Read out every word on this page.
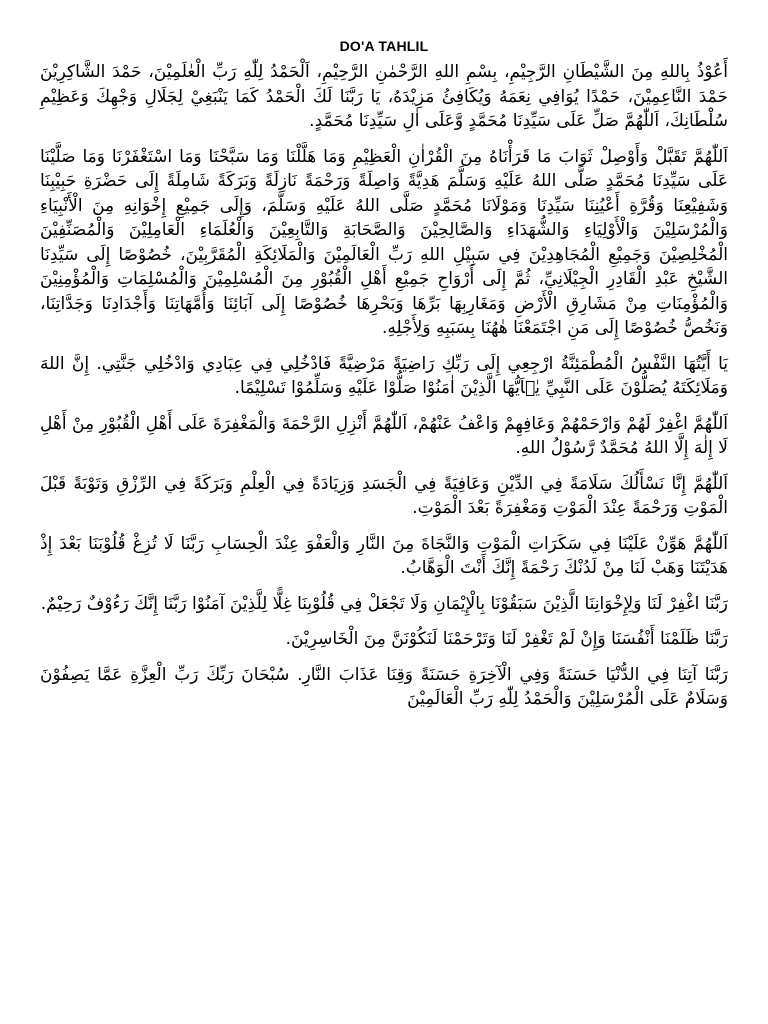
DO'A TAHLIL

أَعُوْذُ بِاللهِ مِنَ الشَّيْطَانِ الرَّجِيْمِ، بِسْمِ اللهِ الرَّحْمٰنِ الرَّحِيْمِ، اَلْحَمْدُ لِلّٰهِ رَبِّ الْعٰلَمِيْنَ، حَمْدَ الشَّاكِرِيْنَ حَمْدَ النَّاعِمِيْنَ، حَمْدًا يُوَافِي نِعَمَهُ وَيُكَافِئُ مَزِيْدَهُ، يَا رَبَّنَا لَكَ الْحَمْدُ كَمَا يَنْبَغِيْ لِجَلَالِ وَجْهِكَ وَعَظِيْمِ سُلْطَانِكَ، اَللّٰهُمَّ صَلِّ عَلَى سَيِّدِنَا مُحَمَّدٍ وَّعَلَى اٰلِ سَيِّدِنَا مُحَمَّدٍ.

اَللّٰهُمَّ تَقَبَّلْ وَأَوْصِلْ ثَوَابَ مَا قَرَأْنَاهُ مِنَ الْقُرْاٰنِ الْعَظِيْمِ وَمَا هَلَّلْنَا وَمَا سَبَّحْنَا وَمَا اسْتَغْفَرْنَا وَمَا صَلَّيْنَا عَلَى سَيِّدِنَا مُحَمَّدٍ صَلَّى اللهُ عَلَيْهِ وَسَلَّمَ هَدِيَّةً وَاصِلَةً وَرَحْمَةً نَازِلَةً وَبَرَكَةً شَامِلَةً إِلَى حَضْرَةِ حَبِيْبِنَا وَشَفِيْعِنَا وَقُرَّةِ أَعْيُنِنَا سَيِّدِنَا وَمَوْلَانَا مُحَمَّدٍ صَلَّى اللهُ عَلَيْهِ وَسَلَّمَ، وَإِلَى جَمِيْعِ إِخْوَانِهِ مِنَ الْأَنْبِيَاءِ وَالْمُرْسَلِيْنَ وَالْأَوْلِيَاءِ وَالشُّهَدَاءِ وَالصَّالِحِيْنَ وَالصَّحَابَةِ وَالتَّابِعِيْنَ وَالْعُلَمَاءِ الْعَامِلِيْنَ وَالْمُصَنِّفِيْنَ الْمُخْلِصِيْنَ وَجَمِيْعِ الْمُجَاهِدِيْنَ فِي سَبِيْلِ اللهِ رَبِّ الْعَالَمِيْنَ وَالْمَلَائِكَةِ الْمُقَرَّبِيْنَ، خُصُوْصًا إِلَى سَيِّدِنَا الشَّيْخِ عَبْدِ الْقَادِرِ الْجِيْلَانِيِّ، ثُمَّ إِلَى أَرْوَاحِ جَمِيْعِ أَهْلِ الْقُبُوْرِ مِنَ الْمُسْلِمِيْنَ وَالْمُسْلِمَاتِ وَالْمُؤْمِنِيْنَ وَالْمُؤْمِنَاتِ مِنْ مَشَارِقِ الْأَرْضِ وَمَغَارِبِهَا بَرِّهَا وَبَحْرِهَا خُصُوْصًا إِلَى آبَائِنَا وَأُمَّهَاتِنَا وَأَجْدَادِنَا وَجَدَّاتِنَا، وَنَخُصُّ خُصُوْصًا إِلَى مَنِ اجْتَمَعْنَا هٰهُنَا بِسَبَبِهِ وَلِأَجْلِهِ.

يَا أَيَّتُهَا النَّفْسُ الْمُطْمَئِنَّةُ ارْجِعِي إِلَى رَبِّكِ رَاضِيَةً مَرْضِيَّةً فَادْخُلِي فِي عِبَادِي وَادْخُلِي جَنَّتِي. إِنَّ اللهَ وَمَلَائِكَتَهُ يُصَلُّوْنَ عَلَى النَّبِيِّ يٰۤاَيُّهَا الَّذِيْنَ اٰمَنُوْا صَلُّوْا عَلَيْهِ وَسَلِّمُوْا تَسْلِيْمًا.

اَللّٰهُمَّ اغْفِرْ لَهُمْ وَارْحَمْهُمْ وَعَافِهِمْ وَاعْفُ عَنْهُمْ، اَللّٰهُمَّ أَنْزِلِ الرَّحْمَةَ وَالْمَغْفِرَةَ عَلَى أَهْلِ الْقُبُوْرِ مِنْ أَهْلِ لَا إِلٰهَ إِلَّا اللهُ مُحَمَّدٌ رَّسُوْلُ اللهِ.

اَللّٰهُمَّ إِنَّا نَسْأَلُكَ سَلَامَةً فِي الدِّيْنِ وَعَافِيَةً فِي الْجَسَدِ وَزِيَادَةً فِي الْعِلْمِ وَبَرَكَةً فِي الرِّزْقِ وَتَوْبَةً قَبْلَ الْمَوْتِ وَرَحْمَةً عِنْدَ الْمَوْتِ وَمَغْفِرَةً بَعْدَ الْمَوْتِ.

اَللّٰهُمَّ هَوِّنْ عَلَيْنَا فِي سَكَرَاتِ الْمَوْتِ وَالنَّجَاةَ مِنَ النَّارِ وَالْعَفْوَ عِنْدَ الْحِسَابِ رَبَّنَا لَا تُزِغْ قُلُوْبَنَا بَعْدَ إِذْ هَدَيْتَنَا وَهَبْ لَنَا مِنْ لَدُنْكَ رَحْمَةً إِنَّكَ أَنْتَ الْوَهَّابُ.

رَبَّنَا اغْفِرْ لَنَا وَلِإِخْوَانِنَا الَّذِيْنَ سَبَقُوْنَا بِالْإِيْمَانِ وَلَا تَجْعَلْ فِي قُلُوْبِنَا غِلًّا لِلَّذِيْنَ آمَنُوْا رَبَّنَا إِنَّكَ رَءُوْفٌ رَحِيْمٌ.

رَبَّنَا ظَلَمْنَا أَنْفُسَنَا وَإِنْ لَمْ تَغْفِرْ لَنَا وَتَرْحَمْنَا لَنَكُوْنَنَّ مِنَ الْخَاسِرِيْنَ.

رَبَّنَا آتِنَا فِي الدُّنْيَا حَسَنَةً وَفِي الْآخِرَةِ حَسَنَةً وَقِنَا عَذَابَ النَّارِ. سُبْحَانَ رَبِّكَ رَبِّ الْعِزَّةِ عَمَّا يَصِفُوْنَ وَسَلَامٌ عَلَى الْمُرْسَلِيْنَ وَالْحَمْدُ لِلّٰهِ رَبِّ الْعَالَمِيْنَ
